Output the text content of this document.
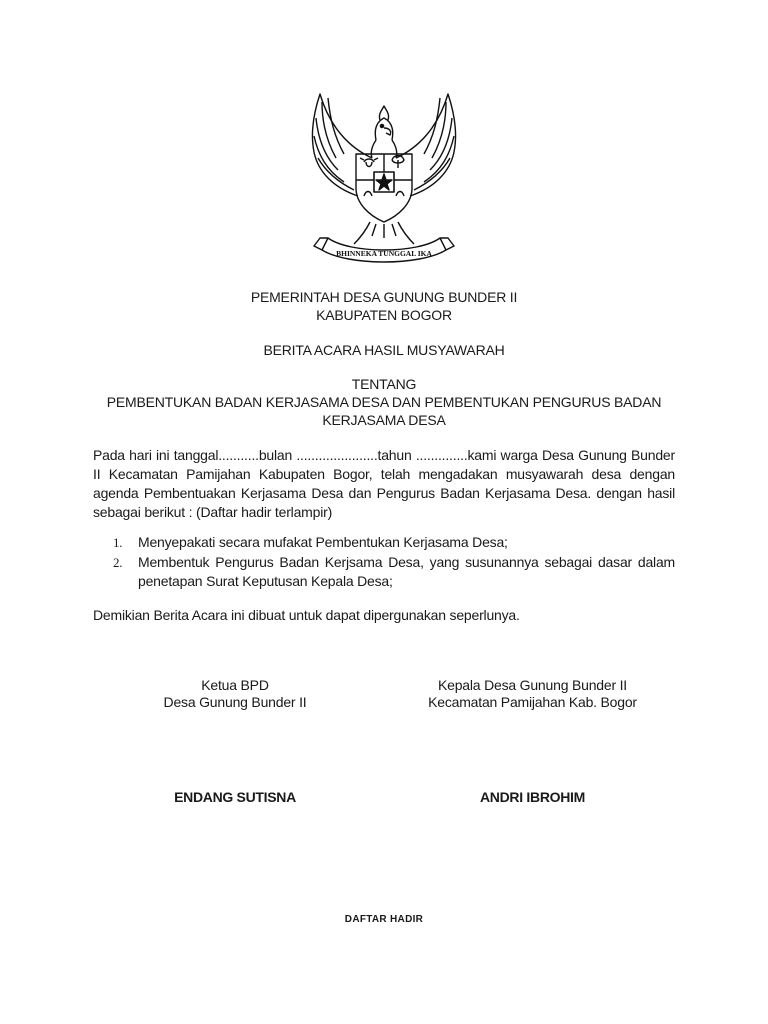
BHINNEKA TUNGGAL IKA
PEMERINTAH DESA GUNUNG BUNDER II
KABUPATEN BOGOR
BERITA ACARA HASIL MUSYAWARAH
TENTANG
PEMBENTUKAN BADAN KERJASAMA DESA DAN PEMBENTUKAN PENGURUS BADAN
KERJASAMA DESA
Pada hari ini tanggal...........bulan ......................tahun ..............kami warga Desa Gunung Bunder II Kecamatan Pamijahan Kabupaten Bogor, telah mengadakan musyawarah desa dengan agenda Pembentuakan Kerjasama Desa dan Pengurus Badan Kerjasama Desa. dengan hasil sebagai berikut : (Daftar hadir terlampir)
1. Menyepakati secara mufakat Pembentukan Kerjasama Desa;
2. Membentuk Pengurus Badan Kerjsama Desa, yang susunannya sebagai dasar dalam penetapan Surat Keputusan Kepala Desa;
Demikian Berita Acara ini dibuat untuk dapat dipergunakan seperlunya.
Ketua BPD
Desa Gunung Bunder II
Kepala Desa Gunung Bunder II
Kecamatan Pamijahan Kab. Bogor
ENDANG SUTISNA	ANDRI IBROHIM
DAFTAR HADIR
